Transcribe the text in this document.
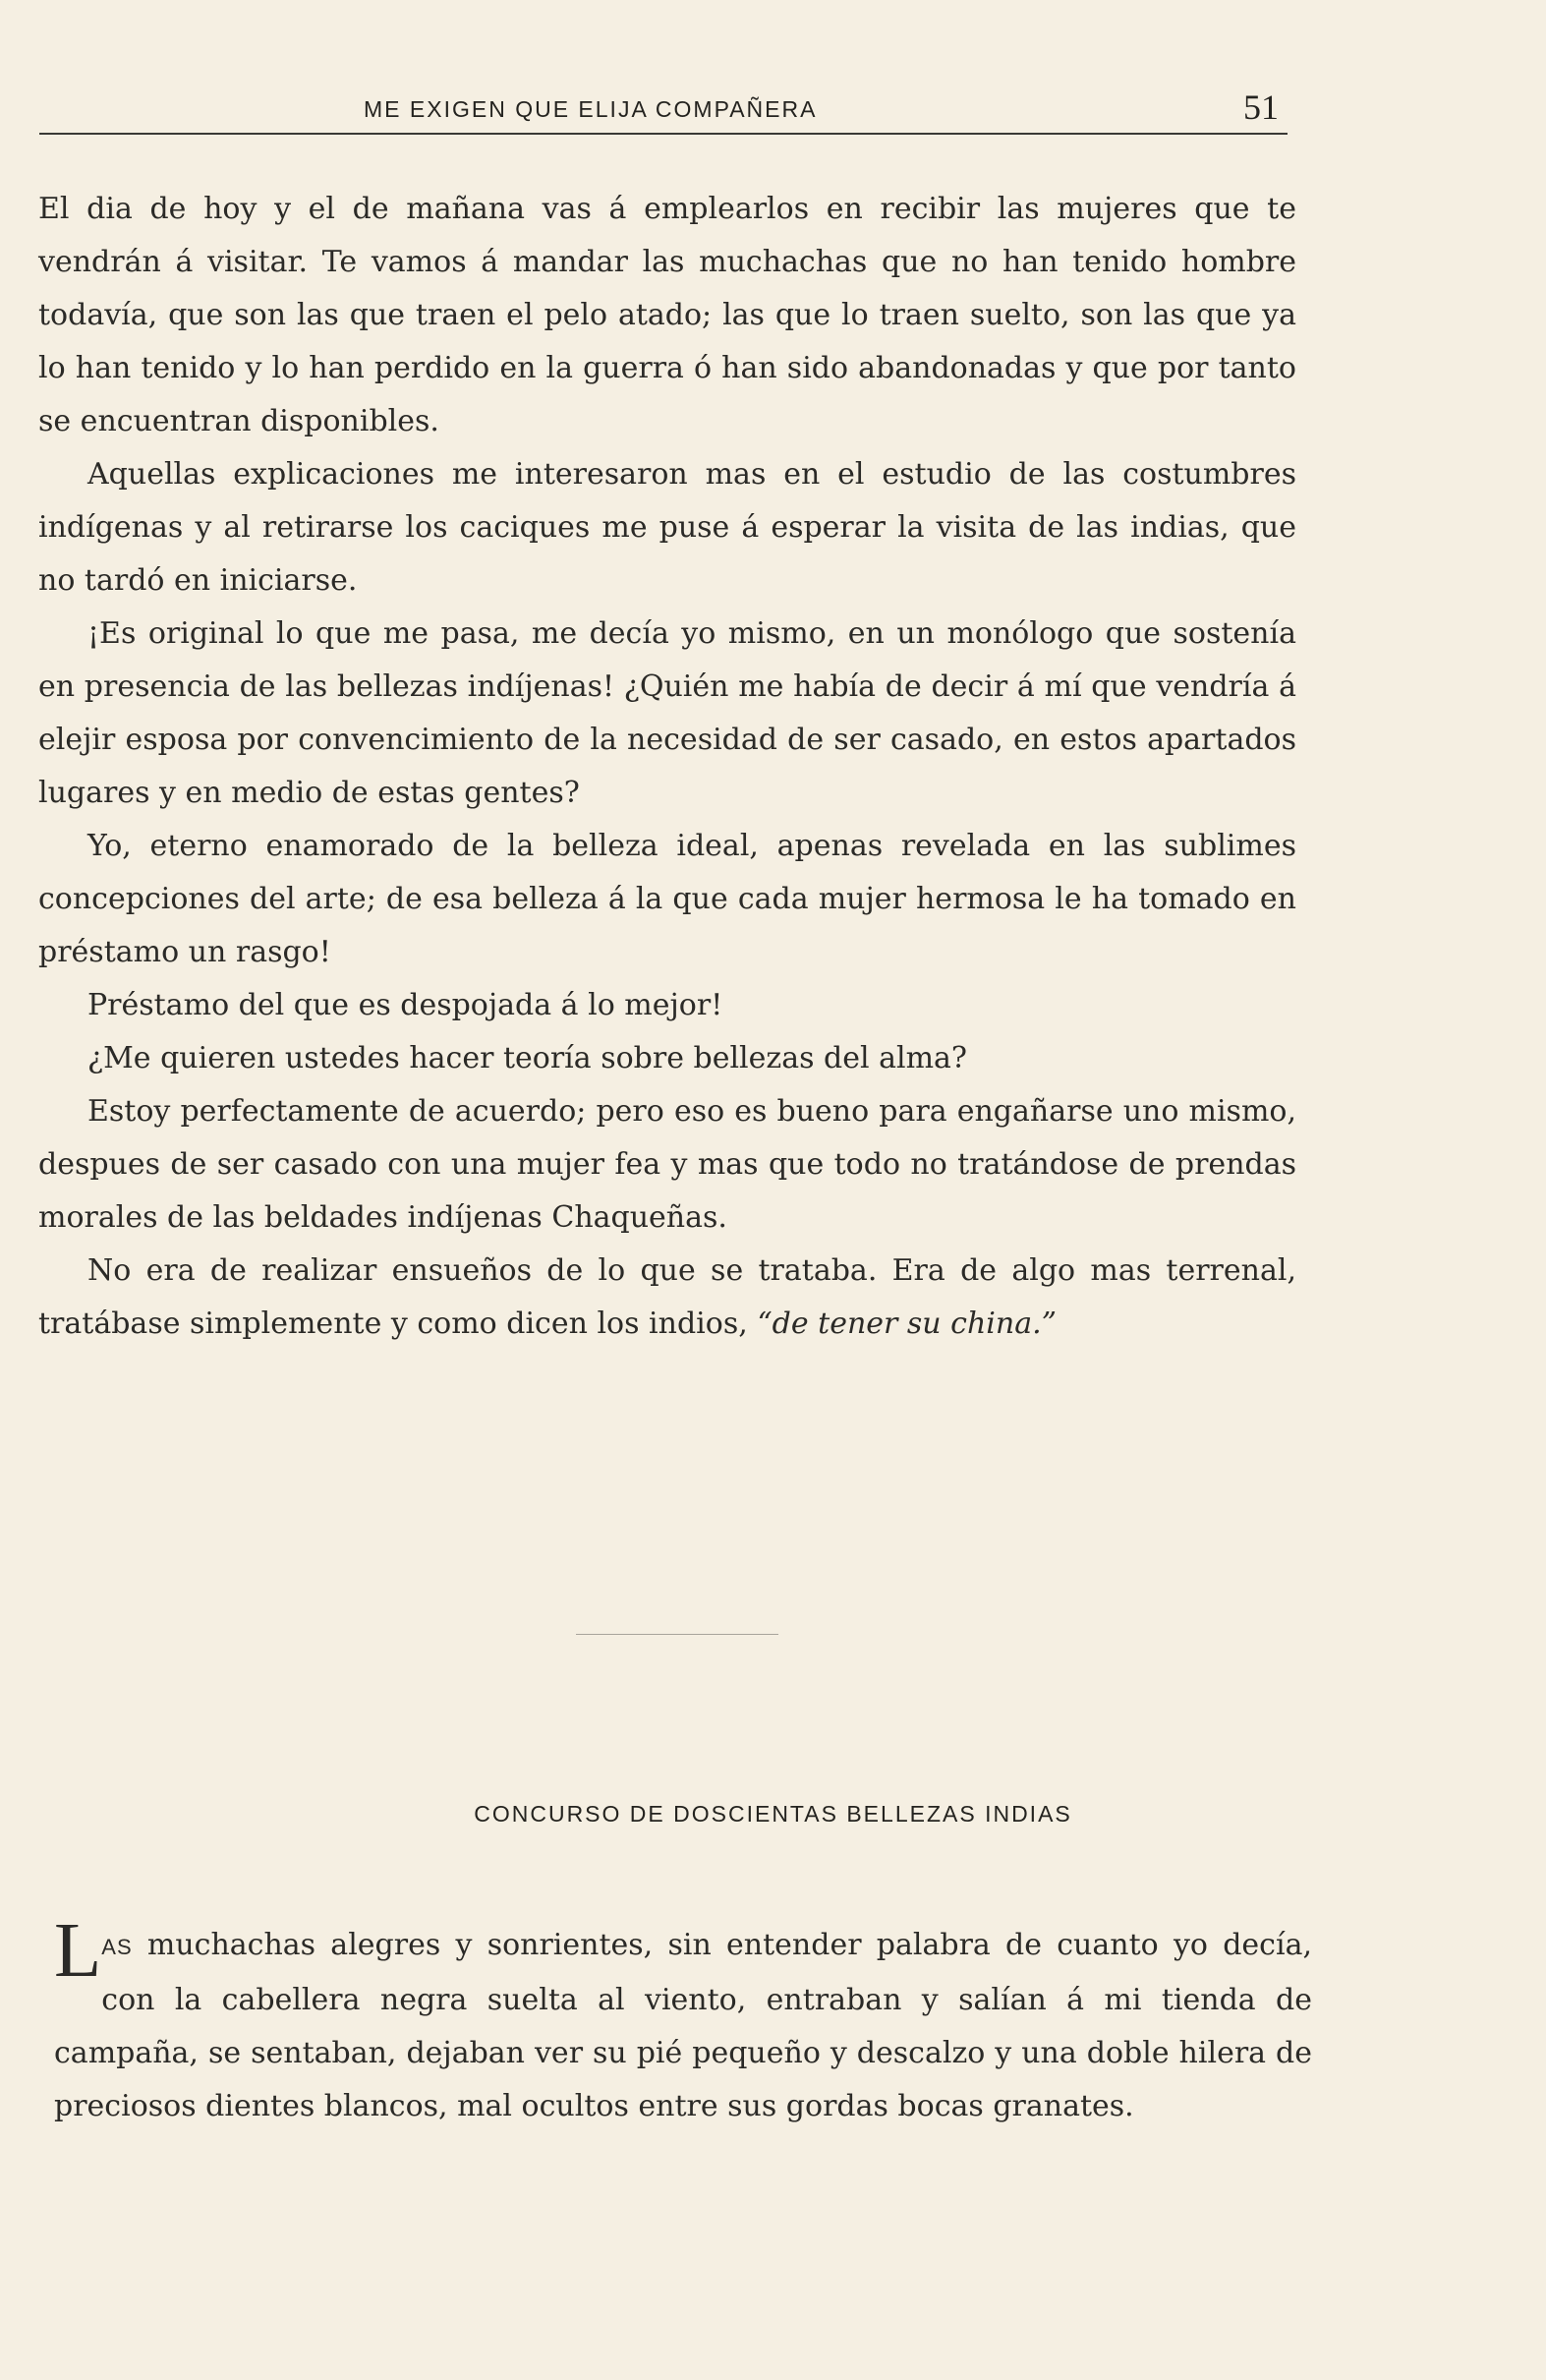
ME EXIGEN QUE ELIJA COMPAÑERA	51

El dia de hoy y el de mañana vas á emplearlos en recibir las mujeres que te vendrán á visitar. Te vamos á mandar las muchachas que no han tenido hombre todavía, que son las que traen el pelo atado; las que lo traen suelto, son las que ya lo han tenido y lo han perdido en la guerra ó han sido abandonadas y que por tanto se encuentran disponibles.

Aquellas explicaciones me interesaron mas en el estudio de las costumbres indígenas y al retirarse los caciques me puse á esperar la visita de las indias, que no tardó en iniciarse.

¡Es original lo que me pasa, me decía yo mismo, en un monólogo que sostenía en presencia de las bellezas indíjenas! ¿Quién me había de decir á mí que vendría á elejir esposa por convencimiento de la necesidad de ser casado, en estos apartados lugares y en medio de estas gentes?

Yo, eterno enamorado de la belleza ideal, apenas revelada en las sublimes concepciones del arte; de esa belleza á la que cada mujer hermosa le ha tomado en préstamo un rasgo!

Préstamo del que es despojada á lo mejor!

¿Me quieren ustedes hacer teoría sobre bellezas del alma?

Estoy perfectamente de acuerdo; pero eso es bueno para engañarse uno mismo, despues de ser casado con una mujer fea y mas que todo no tratándose de prendas morales de las beldades indíjenas Chaqueñas.

No era de realizar ensueños de lo que se trataba. Era de algo mas terrenal, tratábase simplemente y como dicen los indios, “de tener su china.”

CONCURSO DE DOSCIENTAS BELLEZAS INDIAS

LAS muchachas alegres y sonrientes, sin entender palabra de cuanto yo decía, con la cabellera negra suelta al viento, entraban y salían á mi tienda de campaña, se sentaban, dejaban ver su pié pequeño y descalzo y una doble hilera de preciosos dientes blancos, mal ocultos entre sus gordas bocas granates.
